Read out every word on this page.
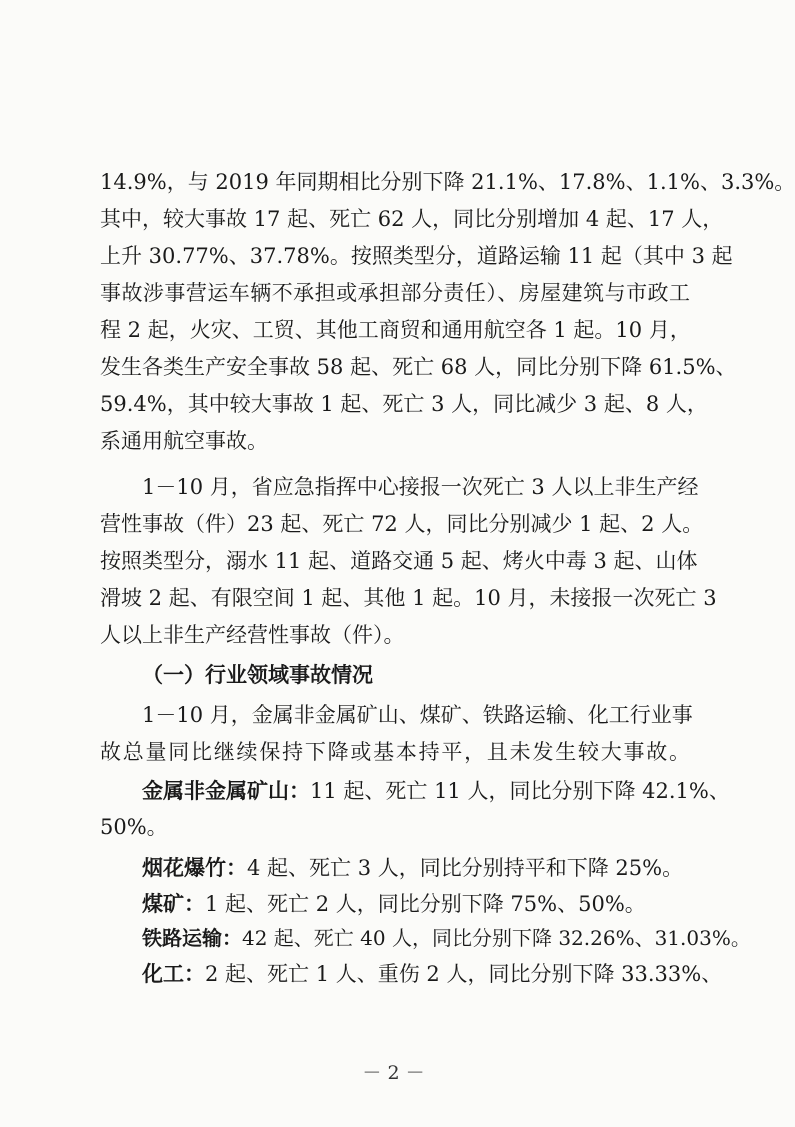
14.9%，与 2019 年同期相比分别下降 21.1%、17.8%、1.1%、3.3%。
其中，较大事故 17 起、死亡 62 人，同比分别增加 4 起、17 人，
上升 30.77%、37.78%。按照类型分，道路运输 11 起（其中 3 起
事故涉事营运车辆不承担或承担部分责任）、房屋建筑与市政工
程 2 起，火灾、工贸、其他工商贸和通用航空各 1 起。10 月，
发生各类生产安全事故 58 起、死亡 68 人，同比分别下降 61.5%、
59.4%，其中较大事故 1 起、死亡 3 人，同比减少 3 起、8 人，
系通用航空事故。
1－10 月，省应急指挥中心接报一次死亡 3 人以上非生产经
营性事故（件）23 起、死亡 72 人，同比分别减少 1 起、2 人。
按照类型分，溺水 11 起、道路交通 5 起、烤火中毒 3 起、山体
滑坡 2 起、有限空间 1 起、其他 1 起。10 月，未接报一次死亡 3
人以上非生产经营性事故（件）。
（一）行业领域事故情况
1－10 月，金属非金属矿山、煤矿、铁路运输、化工行业事
故总量同比继续保持下降或基本持平，且未发生较大事故。
金属非金属矿山：11 起、死亡 11 人，同比分别下降 42.1%、
50%。
烟花爆竹：4 起、死亡 3 人，同比分别持平和下降 25%。
煤矿：1 起、死亡 2 人，同比分别下降 75%、50%。
铁路运输：42 起、死亡 40 人，同比分别下降 32.26%、31.03%。
－ 2 －
化工：2 起、死亡 1 人、重伤 2 人，同比分别下降 33.33%、
